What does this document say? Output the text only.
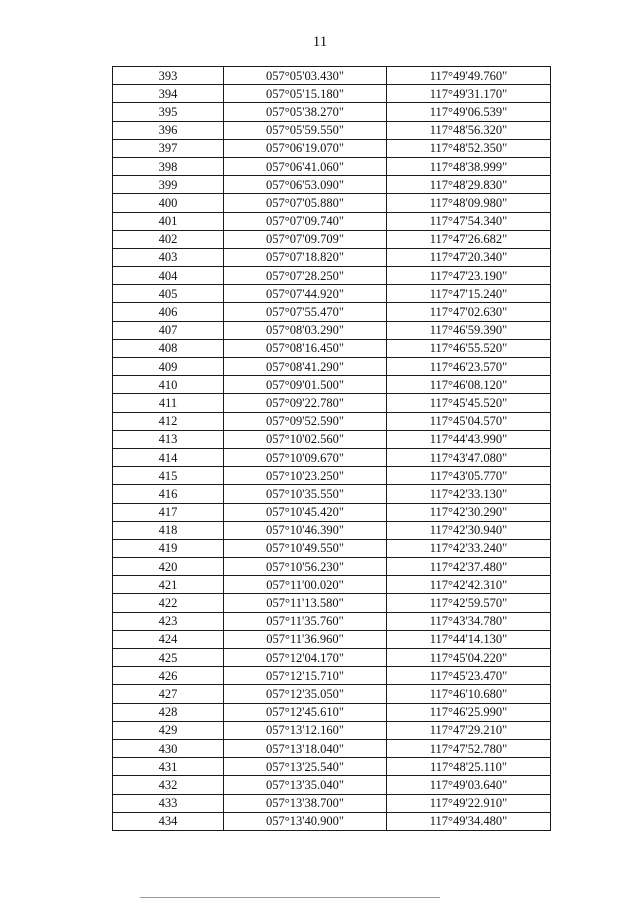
11
393	057°05'03.430"	117°49'49.760"
394	057°05'15.180"	117°49'31.170"
395	057°05'38.270"	117°49'06.539"
396	057°05'59.550"	117°48'56.320"
397	057°06'19.070"	117°48'52.350"
398	057°06'41.060"	117°48'38.999"
399	057°06'53.090"	117°48'29.830"
400	057°07'05.880"	117°48'09.980"
401	057°07'09.740"	117°47'54.340"
402	057°07'09.709"	117°47'26.682"
403	057°07'18.820"	117°47'20.340"
404	057°07'28.250"	117°47'23.190"
405	057°07'44.920"	117°47'15.240"
406	057°07'55.470"	117°47'02.630"
407	057°08'03.290"	117°46'59.390"
408	057°08'16.450"	117°46'55.520"
409	057°08'41.290"	117°46'23.570"
410	057°09'01.500"	117°46'08.120"
411	057°09'22.780"	117°45'45.520"
412	057°09'52.590"	117°45'04.570"
413	057°10'02.560"	117°44'43.990"
414	057°10'09.670"	117°43'47.080"
415	057°10'23.250"	117°43'05.770"
416	057°10'35.550"	117°42'33.130"
417	057°10'45.420"	117°42'30.290"
418	057°10'46.390"	117°42'30.940"
419	057°10'49.550"	117°42'33.240"
420	057°10'56.230"	117°42'37.480"
421	057°11'00.020"	117°42'42.310"
422	057°11'13.580"	117°42'59.570"
423	057°11'35.760"	117°43'34.780"
424	057°11'36.960"	117°44'14.130"
425	057°12'04.170"	117°45'04.220"
426	057°12'15.710"	117°45'23.470"
427	057°12'35.050"	117°46'10.680"
428	057°12'45.610"	117°46'25.990"
429	057°13'12.160"	117°47'29.210"
430	057°13'18.040"	117°47'52.780"
431	057°13'25.540"	117°48'25.110"
432	057°13'35.040"	117°49'03.640"
433	057°13'38.700"	117°49'22.910"
434	057°13'40.900"	117°49'34.480"
